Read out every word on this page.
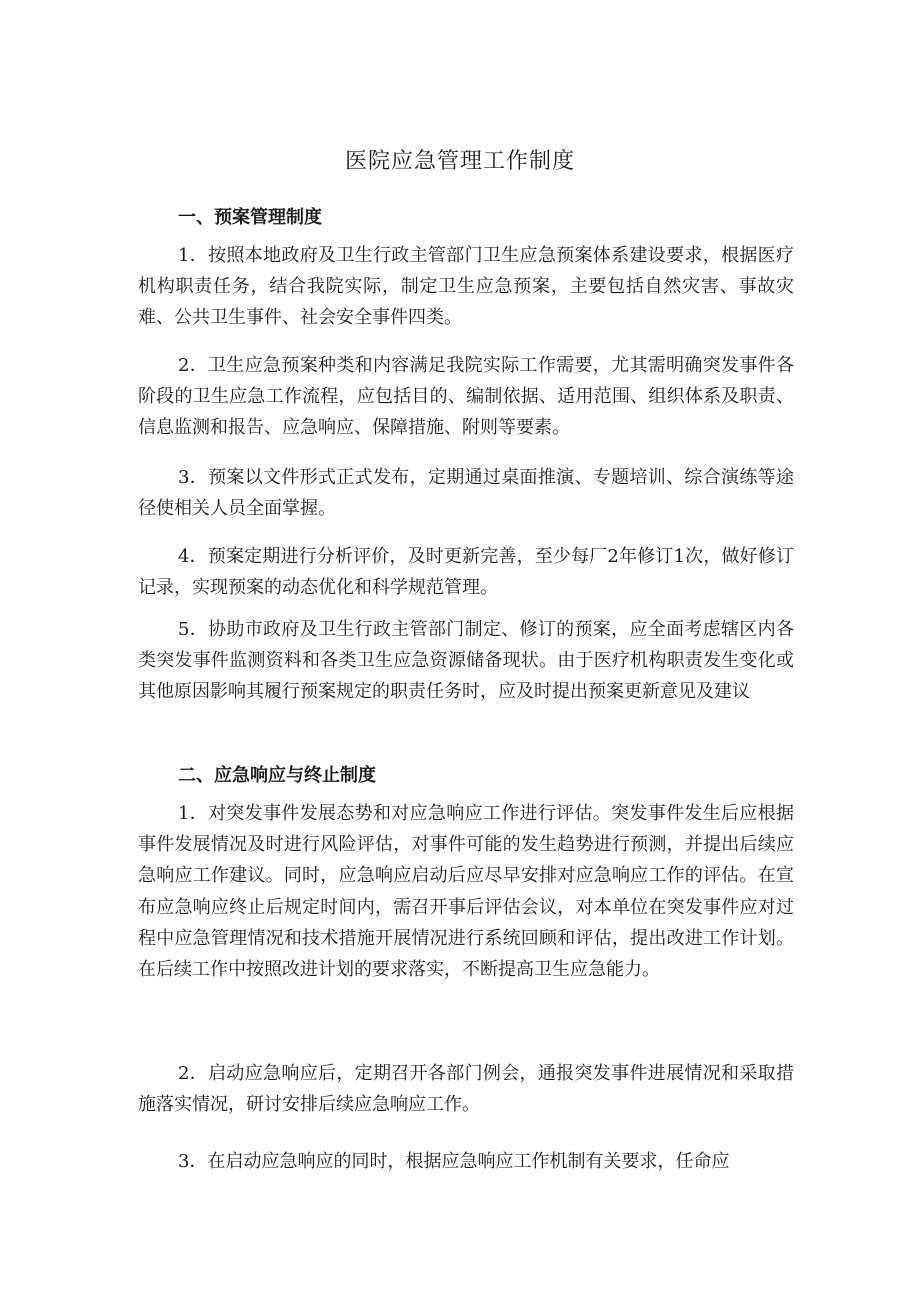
医院应急管理工作制度
一、预案管理制度

1．按照本地政府及卫生行政主管部门卫生应急预案体系建设要求，根据医疗机构职责任务，结合我院实际，制定卫生应急预案，主要包括自然灾害、事故灾难、公共卫生事件、社会安全事件四类。

2．卫生应急预案种类和内容满足我院实际工作需要，尤其需明确突发事件各阶段的卫生应急工作流程，应包括目的、编制依据、适用范围、组织体系及职责、信息监测和报告、应急响应、保障措施、附则等要素。

3．预案以文件形式正式发布，定期通过桌面推演、专题培训、综合演练等途径使相关人员全面掌握。

4．预案定期进行分析评价，及时更新完善，至少每厂2年修订1次，做好修订记录，实现预案的动态优化和科学规范管理。

5．协助市政府及卫生行政主管部门制定、修订的预案，应全面考虑辖区内各类突发事件监测资料和各类卫生应急资源储备现状。由于医疗机构职责发生变化或其他原因影响其履行预案规定的职责任务时，应及时提出预案更新意见及建议

二、应急响应与终止制度

1．对突发事件发展态势和对应急响应工作进行评估。突发事件发生后应根据事件发展情况及时进行风险评估，对事件可能的发生趋势进行预测，并提出后续应急响应工作建议。同时，应急响应启动后应尽早安排对应急响应工作的评估。在宣布应急响应终止后规定时间内，需召开事后评估会议，对本单位在突发事件应对过程中应急管理情况和技术措施开展情况进行系统回顾和评估，提出改进工作计划。在后续工作中按照改进计划的要求落实，不断提高卫生应急能力。

2．启动应急响应后，定期召开各部门例会，通报突发事件进展情况和采取措施落实情况，研讨安排后续应急响应工作。

3．在启动应急响应的同时，根据应急响应工作机制有关要求，任命应
